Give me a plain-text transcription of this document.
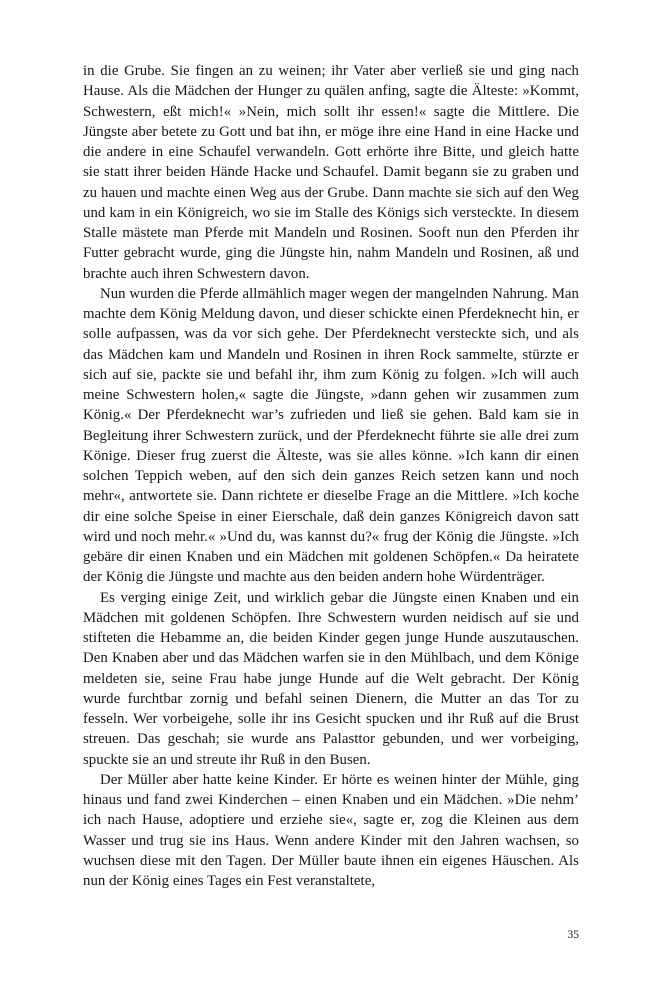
in die Grube. Sie fingen an zu weinen; ihr Vater aber verließ sie und ging nach Hause. Als die Mädchen der Hunger zu quälen anfing, sagte die Älteste: »Kommt, Schwestern, eßt mich!« »Nein, mich sollt ihr essen!« sagte die Mittlere. Die Jüngste aber betete zu Gott und bat ihn, er möge ihre eine Hand in eine Hacke und die andere in eine Schaufel verwandeln. Gott erhörte ihre Bitte, und gleich hatte sie statt ihrer beiden Hände Hacke und Schaufel. Damit begann sie zu graben und zu hauen und machte einen Weg aus der Grube. Dann machte sie sich auf den Weg und kam in ein Königreich, wo sie im Stalle des Königs sich versteckte. In diesem Stalle mästete man Pferde mit Mandeln und Rosinen. Sooft nun den Pferden ihr Futter gebracht wurde, ging die Jüngste hin, nahm Mandeln und Rosinen, aß und brachte auch ihren Schwestern davon.

Nun wurden die Pferde allmählich mager wegen der mangelnden Nahrung. Man machte dem König Meldung davon, und dieser schickte einen Pferdeknecht hin, er solle aufpassen, was da vor sich gehe. Der Pferdeknecht versteckte sich, und als das Mädchen kam und Mandeln und Rosinen in ihren Rock sammelte, stürzte er sich auf sie, packte sie und befahl ihr, ihm zum König zu folgen. »Ich will auch meine Schwestern holen,« sagte die Jüngste, »dann gehen wir zusammen zum König.« Der Pferdeknecht war’s zufrieden und ließ sie gehen. Bald kam sie in Begleitung ihrer Schwestern zurück, und der Pferdeknecht führte sie alle drei zum Könige. Dieser frug zuerst die Älteste, was sie alles könne. »Ich kann dir einen solchen Teppich weben, auf den sich dein ganzes Reich setzen kann und noch mehr«, antwortete sie. Dann richtete er dieselbe Frage an die Mittlere. »Ich koche dir eine solche Speise in einer Eierschale, daß dein ganzes Königreich davon satt wird und noch mehr.« »Und du, was kannst du?« frug der König die Jüngste. »Ich gebäre dir einen Knaben und ein Mädchen mit goldenen Schöpfen.« Da heiratete der König die Jüngste und machte aus den beiden andern hohe Würdenträger.

Es verging einige Zeit, und wirklich gebar die Jüngste einen Knaben und ein Mädchen mit goldenen Schöpfen. Ihre Schwestern wurden neidisch auf sie und stifteten die Hebamme an, die beiden Kinder gegen junge Hunde auszutauschen. Den Knaben aber und das Mädchen warfen sie in den Mühlbach, und dem Könige meldeten sie, seine Frau habe junge Hunde auf die Welt gebracht. Der König wurde furchtbar zornig und befahl seinen Dienern, die Mutter an das Tor zu fesseln. Wer vorbeigehe, solle ihr ins Gesicht spucken und ihr Ruß auf die Brust streuen. Das geschah; sie wurde ans Palasttor gebunden, und wer vorbeiging, spuckte sie an und streute ihr Ruß in den Busen.

Der Müller aber hatte keine Kinder. Er hörte es weinen hinter der Mühle, ging hinaus und fand zwei Kinderchen – einen Knaben und ein Mädchen. »Die nehm’ ich nach Hause, adoptiere und erziehe sie«, sagte er, zog die Kleinen aus dem Wasser und trug sie ins Haus. Wenn andere Kinder mit den Jahren wachsen, so wuchsen diese mit den Tagen. Der Müller baute ihnen ein eigenes Häuschen. Als nun der König eines Tages ein Fest veranstaltete,

35
